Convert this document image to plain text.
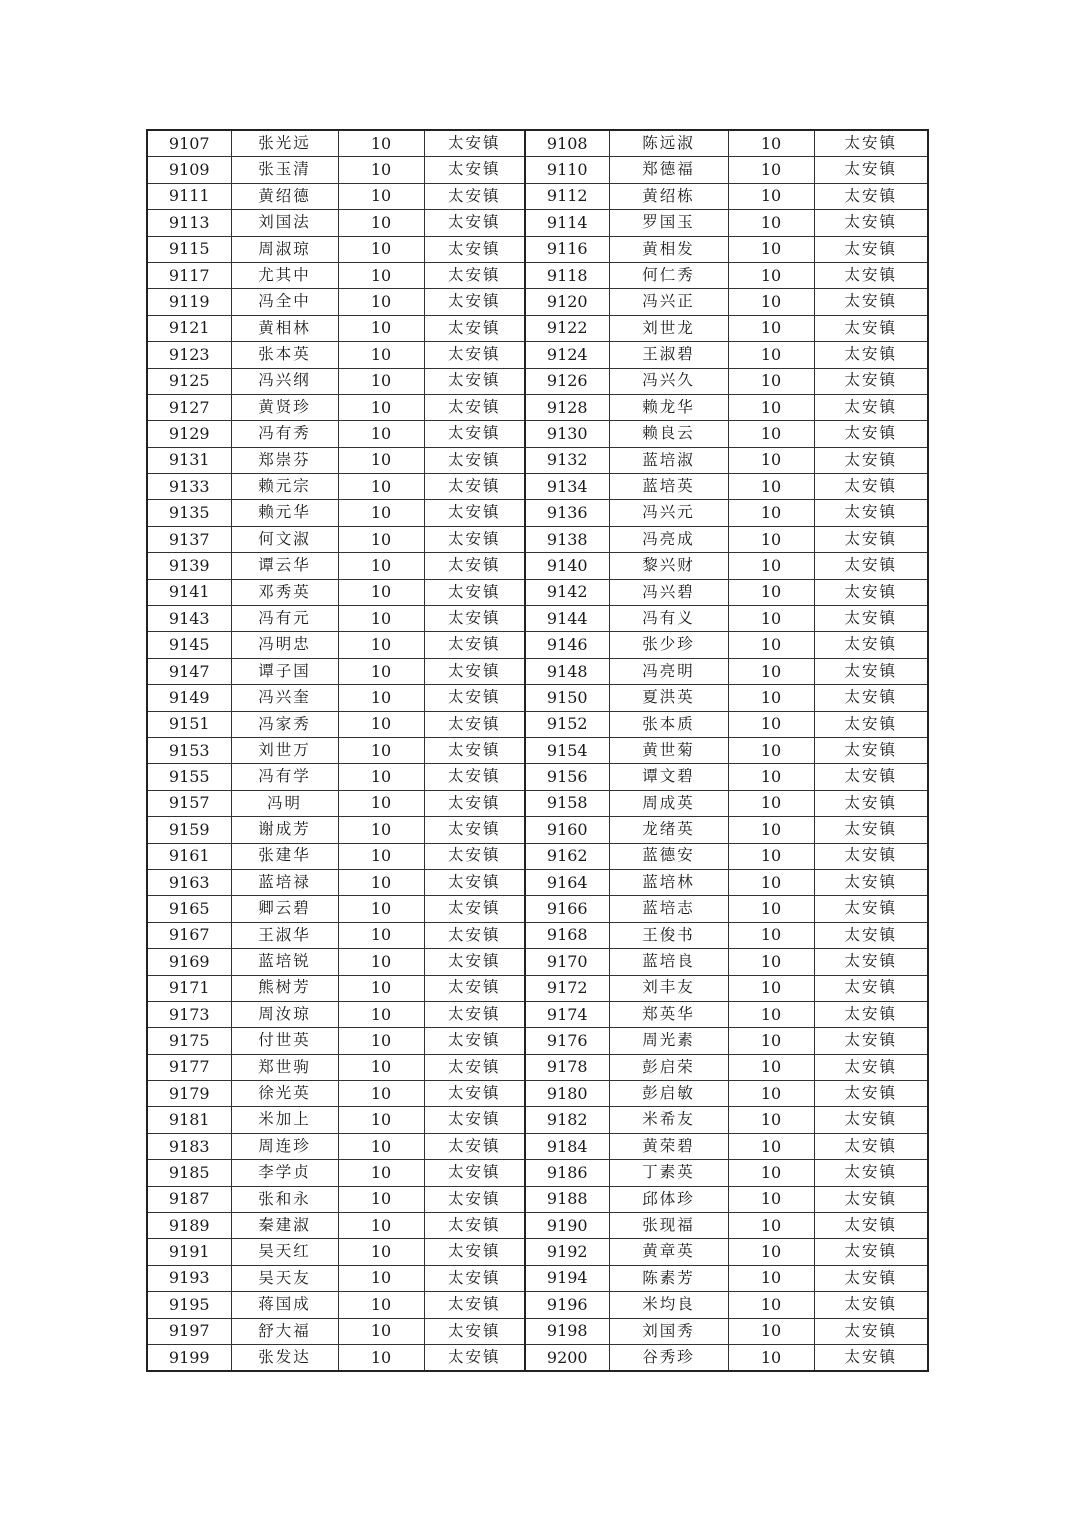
9107	张光远	10	太安镇	9108	陈远淑	10	太安镇
9109	张玉清	10	太安镇	9110	郑德福	10	太安镇
9111	黄绍德	10	太安镇	9112	黄绍栋	10	太安镇
9113	刘国法	10	太安镇	9114	罗国玉	10	太安镇
9115	周淑琼	10	太安镇	9116	黄相发	10	太安镇
9117	尤其中	10	太安镇	9118	何仁秀	10	太安镇
9119	冯全中	10	太安镇	9120	冯兴正	10	太安镇
9121	黄相林	10	太安镇	9122	刘世龙	10	太安镇
9123	张本英	10	太安镇	9124	王淑碧	10	太安镇
9125	冯兴纲	10	太安镇	9126	冯兴久	10	太安镇
9127	黄贤珍	10	太安镇	9128	赖龙华	10	太安镇
9129	冯有秀	10	太安镇	9130	赖良云	10	太安镇
9131	郑崇芬	10	太安镇	9132	蓝培淑	10	太安镇
9133	赖元宗	10	太安镇	9134	蓝培英	10	太安镇
9135	赖元华	10	太安镇	9136	冯兴元	10	太安镇
9137	何文淑	10	太安镇	9138	冯亮成	10	太安镇
9139	谭云华	10	太安镇	9140	黎兴财	10	太安镇
9141	邓秀英	10	太安镇	9142	冯兴碧	10	太安镇
9143	冯有元	10	太安镇	9144	冯有义	10	太安镇
9145	冯明忠	10	太安镇	9146	张少珍	10	太安镇
9147	谭子国	10	太安镇	9148	冯亮明	10	太安镇
9149	冯兴奎	10	太安镇	9150	夏洪英	10	太安镇
9151	冯家秀	10	太安镇	9152	张本质	10	太安镇
9153	刘世万	10	太安镇	9154	黄世菊	10	太安镇
9155	冯有学	10	太安镇	9156	谭文碧	10	太安镇
9157	冯明	10	太安镇	9158	周成英	10	太安镇
9159	谢成芳	10	太安镇	9160	龙绪英	10	太安镇
9161	张建华	10	太安镇	9162	蓝德安	10	太安镇
9163	蓝培禄	10	太安镇	9164	蓝培林	10	太安镇
9165	卿云碧	10	太安镇	9166	蓝培志	10	太安镇
9167	王淑华	10	太安镇	9168	王俊书	10	太安镇
9169	蓝培锐	10	太安镇	9170	蓝培良	10	太安镇
9171	熊树芳	10	太安镇	9172	刘丰友	10	太安镇
9173	周汝琼	10	太安镇	9174	郑英华	10	太安镇
9175	付世英	10	太安镇	9176	周光素	10	太安镇
9177	郑世驹	10	太安镇	9178	彭启荣	10	太安镇
9179	徐光英	10	太安镇	9180	彭启敏	10	太安镇
9181	米加上	10	太安镇	9182	米希友	10	太安镇
9183	周连珍	10	太安镇	9184	黄荣碧	10	太安镇
9185	李学贞	10	太安镇	9186	丁素英	10	太安镇
9187	张和永	10	太安镇	9188	邱体珍	10	太安镇
9189	秦建淑	10	太安镇	9190	张现福	10	太安镇
9191	吴天红	10	太安镇	9192	黄章英	10	太安镇
9193	吴天友	10	太安镇	9194	陈素芳	10	太安镇
9195	蒋国成	10	太安镇	9196	米均良	10	太安镇
9197	舒大福	10	太安镇	9198	刘国秀	10	太安镇
9199	张发达	10	太安镇	9200	谷秀珍	10	太安镇
